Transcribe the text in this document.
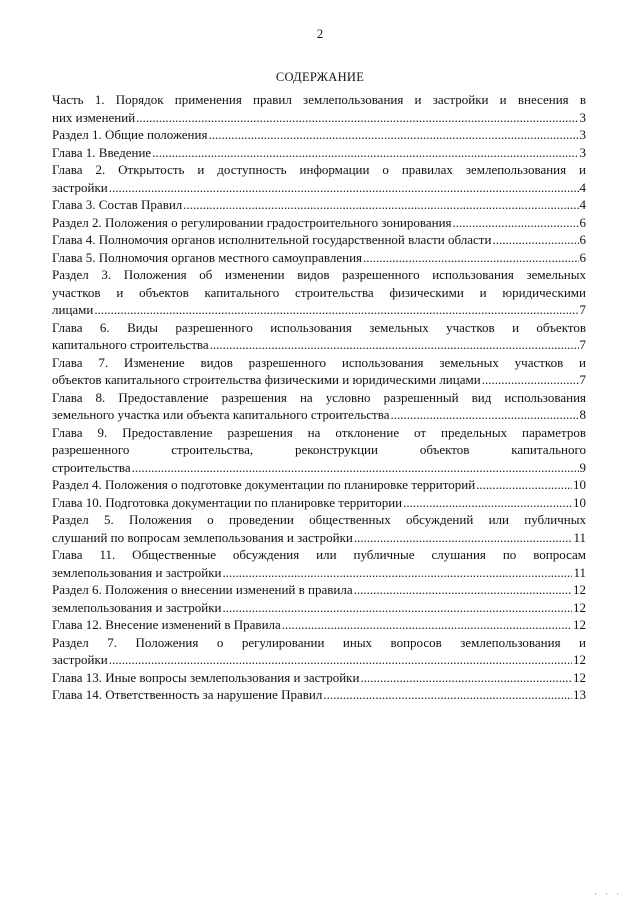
2
СОДЕРЖАНИЕ
Часть 1. Порядок применения правил землепользования и застройки и внесения в
них изменений .....	3
Раздел 1. Общие положения .....	3
Глава 1. Введение .....	3
Глава 2. Открытость и доступность информации о правилах землепользования и
застройки .....	4
Глава 3. Состав Правил .....	4
Раздел 2. Положения о регулировании градостроительного зонирования .....	6
Глава 4. Полномочия органов исполнительной государственной власти области .....	6
Глава 5. Полномочия органов местного самоуправления .....	6
Раздел 3. Положения об изменении видов разрешенного использования земельных
участков и объектов капитального строительства физическими и юридическими
лицами .....	7
Глава 6. Виды разрешенного использования земельных участков и объектов
капитального строительства .....	7
Глава 7. Изменение видов разрешенного использования земельных участков и
объектов капитального строительства физическими и юридическими лицами .....	7
Глава 8. Предоставление разрешения на условно разрешенный вид использования
земельного участка или объекта капитального строительства .....	8
Глава 9. Предоставление разрешения на отклонение от предельных параметров
разрешенного строительства, реконструкции объектов капитального
строительства .....	9
Раздел 4. Положения о подготовке документации по планировке территорий .....	10
Глава 10. Подготовка документации по планировке территории .....	10
Раздел 5. Положения о проведении общественных обсуждений или публичных
слушаний по вопросам землепользования и застройки .....	11
Глава 11. Общественные обсуждения или публичные слушания по вопросам
землепользования и застройки .....	11
Раздел 6. Положения о внесении изменений в правила .....	12
землепользования и застройки .....	12
Глава 12. Внесение изменений в Правила .....	12
Раздел 7. Положения о регулировании иных вопросов землепользования и
застройки .....	12
Глава 13. Иные вопросы землепользования и застройки .....	12
Глава 14. Ответственность за нарушение Правил .....	13
· · ·
